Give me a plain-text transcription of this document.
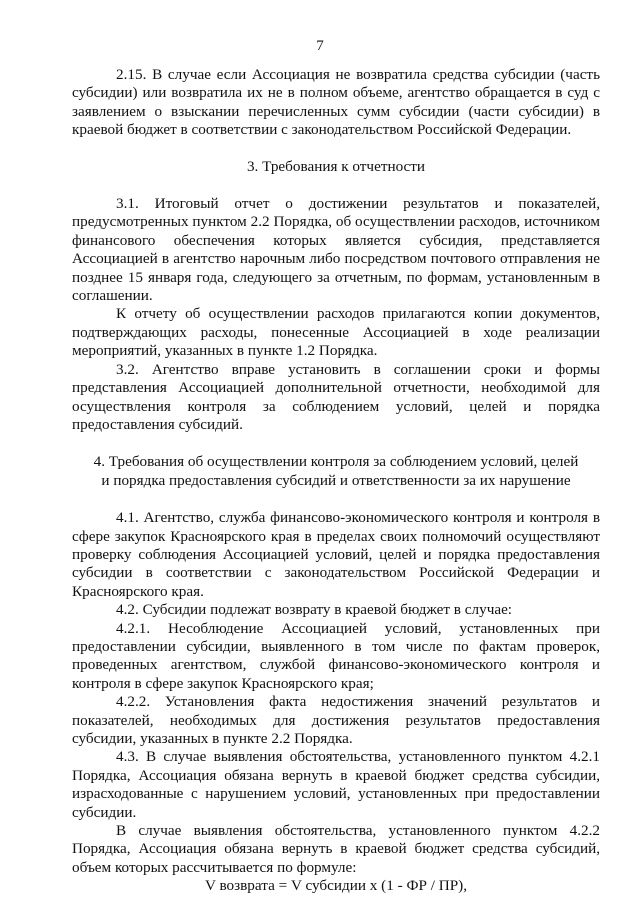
7

2.15. В случае если Ассоциация не возвратила средства субсидии (часть субсидии) или возвратила их не в полном объеме, агентство обращается в суд с заявлением о взыскании перечисленных сумм субсидии (части субсидии) в краевой бюджет в соответствии с законодательством Российской Федерации.

3. Требования к отчетности

3.1. Итоговый отчет о достижении результатов и показателей, предусмотренных пунктом 2.2 Порядка, об осуществлении расходов, источником финансового обеспечения которых является субсидия, представляется Ассоциацией в агентство нарочным либо посредством почтового отправления не позднее 15 января года, следующего за отчетным, по формам, установленным в соглашении.

К отчету об осуществлении расходов прилагаются копии документов, подтверждающих расходы, понесенные Ассоциацией в ходе реализации мероприятий, указанных в пункте 1.2 Порядка.

3.2. Агентство вправе установить в соглашении сроки и формы представления Ассоциацией дополнительной отчетности, необходимой для осуществления контроля за соблюдением условий, целей и порядка предоставления субсидий.

4. Требования об осуществлении контроля за соблюдением условий, целей

и порядка предоставления субсидий и ответственности за их нарушение

4.1. Агентство, служба финансово-экономического контроля и контроля в сфере закупок Красноярского края в пределах своих полномочий осуществляют проверку соблюдения Ассоциацией условий, целей и порядка предоставления субсидии в соответствии с законодательством Российской Федерации и Красноярского края.

4.2. Субсидии подлежат возврату в краевой бюджет в случае:

4.2.1. Несоблюдение Ассоциацией условий, установленных при предоставлении субсидии, выявленного в том числе по фактам проверок, проведенных агентством, службой финансово-экономического контроля и контроля в сфере закупок Красноярского края;

4.2.2. Установления факта недостижения значений результатов и показателей, необходимых для достижения результатов предоставления субсидии, указанных в пункте 2.2 Порядка.

4.3. В случае выявления обстоятельства, установленного пунктом 4.2.1 Порядка, Ассоциация обязана вернуть в краевой бюджет средства субсидии, израсходованные с нарушением условий, установленных при предоставлении субсидии.

В случае выявления обстоятельства, установленного пунктом 4.2.2 Порядка, Ассоциация обязана вернуть в краевой бюджет средства субсидий, объем которых рассчитывается по формуле:

V возврата = V субсидии х (1 - ФР / ПР),
